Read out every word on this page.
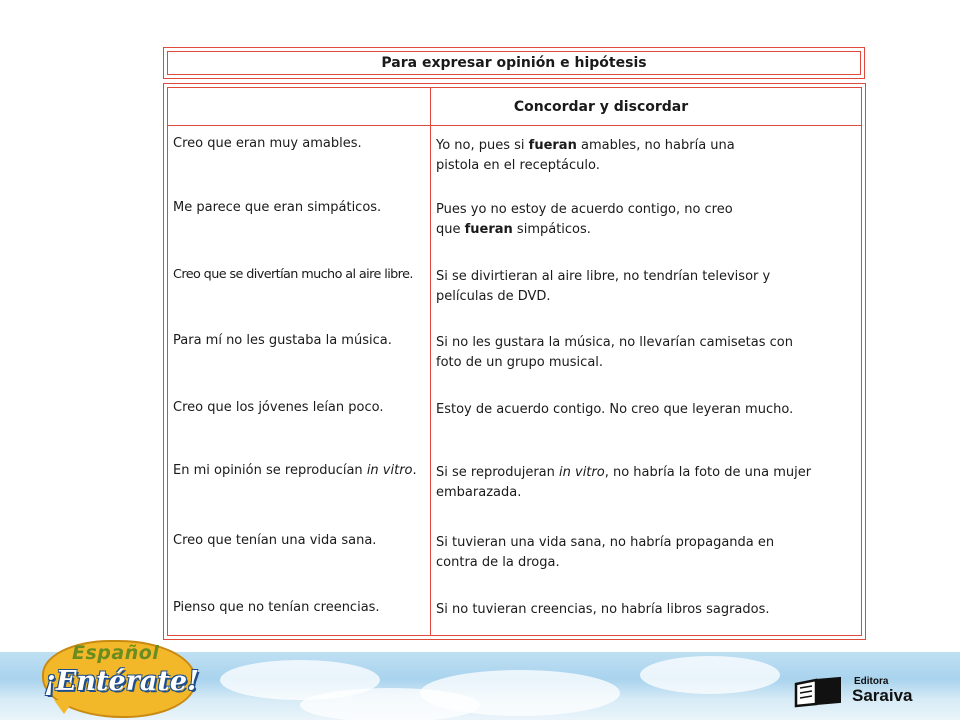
Para expresar opinión e hipótesis
Concordar y discordar
Creo que eran muy amables.	Yo no, pues si fueran amables, no habría una
pistola en el receptáculo.
Me parece que eran simpáticos.	Pues yo no estoy de acuerdo contigo, no creo
que fueran simpáticos.
Creo que se divertían mucho al aire libre.	Si se divirtieran al aire libre, no tendrían televisor y
películas de DVD.
Para mí no les gustaba la música.	Si no les gustara la música, no llevarían camisetas con
foto de un grupo musical.
Creo que los jóvenes leían poco.	Estoy de acuerdo contigo. No creo que leyeran mucho.
En mi opinión se reproducían in vitro.	Si se reprodujeran in vitro, no habría la foto de una mujer
embarazada.
Creo que tenían una vida sana.	Si tuvieran una vida sana, no habría propaganda en
contra de la droga.
Pienso que no tenían creencias.	Si no tuvieran creencias, no habría libros sagrados.
Español
¡Entérate!	Editora
Saraiva
